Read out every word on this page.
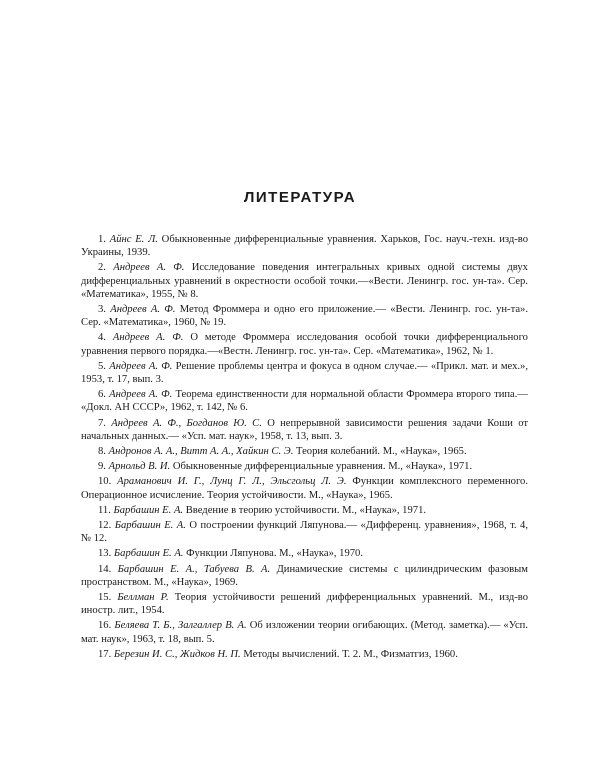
ЛИТЕРАТУРА

1. Айнс Е. Л. Обыкновенные дифференциальные уравнения. Харьков, Гос. науч.-техн. изд-во Украины, 1939.

2. Андреев А. Ф. Исследование поведения интегральных кривых одной системы двух дифференциальных уравнений в окрестности особой точки.—«Вести. Ленингр. гос. ун-та». Сер. «Математика», 1955, № 8.

3. Андреев А. Ф. Метод Фроммера и одно его приложение.— «Вести. Ленингр. гос. ун-та». Сер. «Математика», 1960, № 19.

4. Андреев А. Ф. О методе Фроммера исследования особой точки дифференциального уравнения первого порядка.—«Вестн. Ленингр. гос. ун-та». Сер. «Математика», 1962, № 1.

5. Андреев А. Ф. Решение проблемы центра и фокуса в одном случае.— «Прикл. мат. и мех.», 1953, т. 17, вып. 3.

6. Андреев А. Ф. Теорема единственности для нормальной области Фроммера второго типа.— «Докл. АН СССР», 1962, т. 142, № 6.

7. Андреев А. Ф., Богданов Ю. С. О непрерывной зависимости решения задачи Коши от начальных данных.— «Усп. мат. наук», 1958, т. 13, вып. 3.

8. Андронов А. А., Витт А. А., Хайкин С. Э. Теория колебаний. М., «Наука», 1965.

9. Арнольд В. И. Обыкновенные дифференциальные уравнения. М., «Наука», 1971.

10. Араманович И. Г., Лунц Г. Л., Эльсгольц Л. Э. Функции комплексного переменного. Операционное исчисление. Теория устойчивости. М., «Наука», 1965.

11. Барбашин Е. А. Введение в теорию устойчивости. М., «Наука», 1971.

12. Барбашин Е. А. О построении функций Ляпунова.— «Дифференц. уравнения», 1968, т. 4, № 12.

13. Барбашин Е. А. Функции Ляпунова. М., «Наука», 1970.

14. Барбашин Е. А., Табуева В. А. Динамические системы с цилиндрическим фазовым пространством. М., «Наука», 1969.

15. Беллман Р. Теория устойчивости решений дифференциальных уравнений. М., изд-во иностр. лит., 1954.

16. Беляева Т. Б., Залгаллер В. А. Об изложении теории огибающих. (Метод. заметка).— «Усп. мат. наук», 1963, т. 18, вып. 5.

17. Березин И. С., Жидков Н. П. Методы вычислений. Т. 2. М., Физматгиз, 1960.
